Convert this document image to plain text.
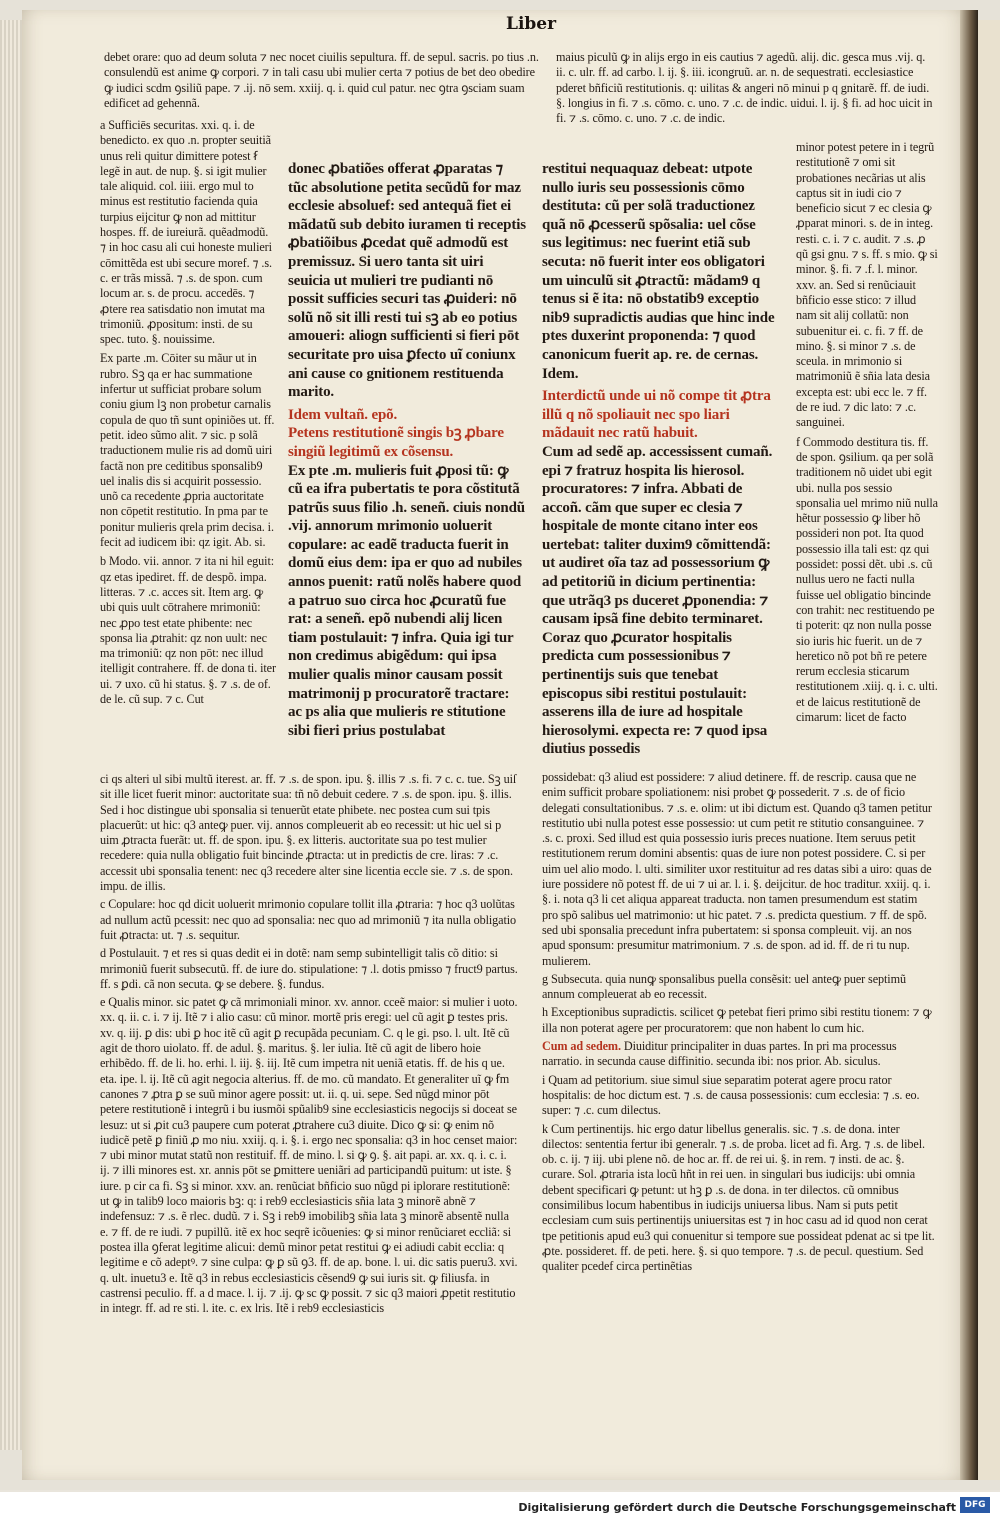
Liber

debet orare: quo ad deum soluta ⁊ nec nocet ciuilis sepultura. ff. de sepul. sacris. po tius .n. consulendũ est anime ꝙ corpori. ⁊ in tali casu ubi mulier certa ⁊ potius de bet deo obedire ꝙ iudici scdm ꝯsiliũ pape. ⁊ .ij. nō sem. xxiij. q. i. quid cul patur. nec ꝯtra ꝯsciam suam edificet ad gehennã.

maius piculũ ꝙ in alijs ergo in eis cautius ⁊ agedũ. alij. dic. gesca mus .vij. q. ii. c. ulr. ff. ad carbo. l. ij. §. iii. icongruũ. ar. n. de sequestrati. ecclesiastice pderet bñficiũ restitutionis. q: uilitas & angeri nō minui p q gnitarẽ. ff. de iudi. §. longius in fi. ⁊ .s. cōmo. c. uno. ⁊ .c. de indic. uidui. l. ij. § fi. ad hoc uicit in fi. ⁊ .s. cōmo. c. uno. ⁊ .c. de indic.

a Sufficiēs securitas. xxi. q. i. de benedicto. ex quo .n. propter seuitiã unus reli quitur dimittere potest ẜ legẽ in aut. de nup. §. si igit mulier tale aliquid. col. iiii. ergo mul to minus est restitutio facienda quia turpius eijcitur ꝙ non ad mittitur hospes. ff. de iureiurã. quẽadmodũ. ⁊ in hoc casu ali cui honeste mulieri cōmittẽda est ubi secure moref. ⁊ .s. c. er trãs missã. ⁊ .s. de spon. cum locum ar. s. de procu. accedēs. ⁊ ꝓtere rea satisdatio non imutat ma trimoniũ. ꝓpositum: insti. de su spec. tuto. §. nouissime.

Ex parte .m. Cōiter su mãur ut in rubro. Sꝫ qa er hac summatione infertur ut sufficiat probare solum coniu gium lꝫ non probetur carnalis copula de quo tñ sunt opiniões ut. ff. petit. ideo sũmo alit. ⁊ sic. p solã traductionem mulie ris ad domũ uiri factã non pre ceditibus sponsalib9 uel inalis dis si acquirit possessio. unõ ca recedente ꝓpria auctoritate non cōpetit restitutio. In pma par te ponitur mulieris qrela prim decisa. i. fecit ad iudicem ibi: qz igit. Ab. si.

b Modo. vii. annor. ⁊ ita ni hil eguit: qz etas ipediret. ff. de despõ. impa. litteras. ⁊ .c. acces sit. Item arg. ꝙ ubi quis uult cōtrahere mrimoniũ: nec ꝓpo test etate phibente: nec sponsa lia ꝓtrahit: qz non uult: nec ma trimoniũ: qz non pōt: nec illud itelligit contrahere. ff. de dona ti. iter ui. ⁊ uxo. cũ hi status. §. ⁊ .s. de of. de le. cũ sup. ⁊ c. Cut

donec ꝓbatiões offerat ꝓparatas ⁊ tũc absolutione petita secũdũ for maz ecclesie absoluef: sed antequã fiet ei mãdatũ sub debito iuramen ti receptis ꝓbatiõibus ꝓcedat quẽ admodũ est premissuz. Si uero tanta sit uiri seuicia ut mulieri tre pudianti nō possit sufficies securi tas ꝓuideri: nō solũ nõ sit illi resti tui sꝫ ab eo potius amoueri: aliogn sufficienti si fieri pōt securitate pro uisa ꝑfecto uĩ coniunx ani cause co gnitionem restituenda marito.

Idem vultañ. epõ.

Petens restitutionẽ singis bꝫ ꝓbare singiũ legitimũ ex cõsensu.

Ex pte .m. mulieris fuit ꝓposi tũ: ꝙ cũ ea ifra pubertatis te pora cõstitutã patrũs suus filio .h. seneñ. ciuis nondũ .vij. annorum mrimonio uoluerit copulare: ac eadẽ traducta fuerit in domũ eius dem: ipa er quo ad nubiles annos puenit: ratũ nolẽs habere quod a patruo suo circa hoc ꝓcuratũ fue rat: a seneñ. epõ nubendi alij licen tiam postulauit: ⁊ infra. Quia igi tur non credimus abigẽdum: qui ipsa mulier qualis minor causam possit matrimonij p procuratorẽ tractare: ac ps alia que mulieris re stitutione sibi fieri prius postulabat

restitui nequaquaz debeat: utpote nullo iuris seu possessionis cōmo destituta: cũ per solã traductionez quã nō ꝓcesserũ spõsalia: uel cõse sus legitimus: nec fuerint etiã sub secuta: nō fuerit inter eos obligatori um uinculũ sit ꝓtractũ: mãdam9 q tenus si ẽ ita: nō obstatib9 exceptio nib9 supradictis audias que hinc inde ptes duxerint proponenda: ⁊ quod canonicum fuerit ap. re. de cernas. Idem.

Interdictũ unde ui nõ compe tit ꝓtra illũ q nõ spoliauit nec spo liari mãdauit nec ratũ habuit.

Cum ad sedẽ ap. accessissent cumañ. epi ⁊ fratruz hospita lis hierosol. procuratores: ⁊ infra. Abbati de accoñ. cãm que super ec clesia ⁊ hospitale de monte citano inter eos uertebat: taliter duxim9 cõmittendã: ut audiret oĩa taz ad possessorium ꝙ ad petitoriũ in dicium pertinentia: que utrãq3 ps duceret ꝓponendia: ⁊ causam ipsã fine debito terminaret. Coraz quo ꝓcurator hospitalis predicta cum possessionibus ⁊ pertinentijs suis que tenebat episcopus sibi restitui postulauit: asserens illa de iure ad hospitale hierosolymi. expecta re: ⁊ quod ipsa diutius possedis

minor potest petere in i tegrũ restitutionẽ ⁊ omi sit probationes necãrias ut alis captus sit in iudi cio ⁊ beneficio sicut ⁊ ec clesia ꝙ ꝓparat minori. s. de in integ. resti. c. i. ⁊ c. audit. ⁊ .s. ꝓ qũ gsi gnu. ⁊ s. ff. s mio. ꝙ si minor. §. fi. ⁊ .f. l. minor. xxv. an. Sed si renũciauit bñficio esse stico: ⁊ illud nam sit alij collatũ: non subuenitur ei. c. fi. ⁊ ff. de mino. §. si minor ⁊ .s. de sceula. in mrimonio si matrimoniũ ẽ sñia lata desia excepta est: ubi ecc le. ⁊ ff. de re iud. ⁊ dic lato: ⁊ .c. sanguinei.

f Commodo destitura tis. ff. de spon. ꝯsilium. qa per solã traditionem nõ uidet ubi egit ubi. nulla pos sessio sponsalia uel mrimo niũ nulla hẽtur possessio ꝙ liber hõ possideri non pot. Ita quod possessio illa tali est: qz qui possidet: possi dẽt. ubi .s. cũ nullus uero ne facti nulla fuisse uel obligatio bincinde con trahit: nec restituendo pe ti poterit: qz non nulla posse sio iuris hic fuerit. un de ⁊ heretico nõ pot bñ re petere rerum ecclesia sticarum restitutionem .xiij. q. i. c. ulti. et de laicus restitutionẽ de cimarum: licet de facto

ci qs alteri ul sibi multũ iterest. ar. ff. ⁊ .s. de spon. ipu. §. illis ⁊ .s. fi. ⁊ c. c. tue. Sꝫ uiſ sit ille licet fuerit minor: auctoritate sua: tñ nõ debuit cedere. ⁊ .s. de spon. ipu. §. illis. Sed i hoc distingue ubi sponsalia si tenuerũt etate phibete. nec postea cum sui tpis placuerũt: ut hic: q3 anteꝙ puer. vij. annos compleuerit ab eo recessit: ut hic uel si p uim ꝓtracta fuerãt: ut. ff. de spon. ipu. §. ex litteris. auctoritate sua po test mulier recedere: quia nulla obligatio fuit bincinde ꝓtracta: ut in predictis de cre. liras: ⁊ .c. accessit ubi sponsalia tenent: nec q3 recedere alter sine licentia eccle sie. ⁊ .s. de spon. impu. de illis.

c Copulare: hoc qd dicit uoluerit mrimonio copulare tollit illa ꝓtraria: ⁊ hoc q3 uolũtas ad nullum actũ pcessit: nec quo ad sponsalia: nec quo ad mrimoniũ ⁊ ita nulla obligatio fuit ꝓtracta: ut. ⁊ .s. sequitur.

d Postulauit. ⁊ et res si quas dedit ei in dotẽ: nam semp subintelligit talis cõ ditio: si mrimoniũ fuerit subsecutũ. ff. de iure do. stipulatione: ⁊ .l. dotis pmisso ⁊ fruct9 partus. ff. s ꝑdi. cã non secuta. ꝙ se debere. §. fundus.

e Qualis minor. sic patet ꝙ cã mrimoniali minor. xv. annor. cceẽ maior: si mulier i uoto. xx. q. ii. c. i. ⁊ ij. Itẽ ⁊ i alio casu: cũ minor. mortẽ pris eregi: uel cũ agit ꝑ testes pris. xv. q. iij. ꝑ dis: ubi ꝑ hoc itẽ cũ agit ꝑ recupãda pecuniam. C. q le gi. pso. l. ult. Itẽ cũ agit de thoro uiolato. ff. de adul. §. maritus. §. ler iulia. Itẽ cũ agit de libero hoie erhibẽdo. ff. de li. ho. erhi. l. iij. §. iij. Itẽ cum impetra nit ueniã etatis. ff. de his q ue. eta. ipe. l. ij. Itẽ cũ agit negocia alterius. ff. de mo. cũ mandato. Et generaliter uĩ ꝙ ẜm canones ⁊ ꝓtra ꝑ se suũ minor agere possit: ut. ii. q. ui. sepe. Sed nũgd minor pōt petere restitutionẽ i integrũ i bu iusmõi spũalib9 sine ecclesiasticis negocijs si doceat se lesuz: ut si ꝓit cu3 paupere cum poterat ꝓtrahere cu3 diuite. Dico ꝙ si: ꝙ enim nõ iudicẽ petẽ ꝑ finiũ ꝓ mo niu. xxiij. q. i. §. i. ergo nec sponsalia: q3 in hoc censet maior: ⁊ ubi minor mutat statũ non restituif. ff. de mino. l. si ꝙ ꝯ. §. ait papi. ar. xx. q. i. c. i. ij. ⁊ illi minores est. xr. annis pōt se ꝑmittere ueniãri ad participandũ puitum: ut iste. § iure. p cir ca fi. Sꝫ si minor. xxv. an. renũciat bñficio suo nũgd pi iplorare restitutionẽ: ut ꝙ in talib9 loco maioris bꝫ: q: i reb9 ecclesiasticis sñia lata ꝫ minorẽ abnẽ ⁊ indefensuz: ⁊ .s. ẽ rlec. dudũ. ⁊ i. Sꝫ i reb9 imobilibꝫ sñia lata ꝫ minorẽ absentẽ nulla e. ⁊ ff. de re iudi. ⁊ pupillũ. itẽ ex hoc seqrẽ icõuenies: ꝙ si minor renũciaret eccliã: si postea illa ꝯferat legitime alicui: demũ minor petat restitui ꝙ ei adiudi cabit ecclia: q legitime e cõ adeptꝰ. ⁊ sine culpa: ꝙ ꝑ sũ ꝯ3. ff. de ap. bone. l. ui. dic satis pueru3. xvi. q. ult. inuetu3 e. Itẽ q3 in rebus ecclesiasticis cẽsend9 ꝙ sui iuris sit. ꝙ filiusfa. in castrensi peculio. ff. a d mace. l. ij. ⁊ .ij. ꝙ sc ꝙ possit. ⁊ sic q3 maiori ꝓpetit restitutio in integr. ff. ad re sti. l. ite. c. ex lris. Itẽ i reb9 ecclesiasticis

possidebat: q3 aliud est possidere: ⁊ aliud detinere. ff. de rescrip. causa que ne enim sufficit probare spoliationem: nisi probet ꝙ possederit. ⁊ .s. de of ficio delegati consultationibus. ⁊ .s. e. olim: ut ibi dictum est. Quando q3 tamen petitur restitutio ubi nulla potest esse possessio: ut cum petit re stitutio consanguinee. ⁊ .s. c. proxi. Sed illud est quia possessio iuris preces nuatione. Item seruus petit restitutionem rerum domini absentis: quas de iure non potest possidere. C. si per uim uel alio modo. l. ulti. similiter uxor restituitur ad res datas sibi a uiro: quas de iure possidere nõ potest ff. de ui ⁊ ui ar. l. i. §. deijcitur. de hoc traditur. xxiij. q. i. §. i. nota q3 li cet aliqua appareat traducta. non tamen presumendum est statim pro spõ salibus uel matrimonio: ut hic patet. ⁊ .s. predicta questium. ⁊ ff. de spõ. sed ubi sponsalia precedunt infra pubertatem: si sponsa compleuit. vij. an nos apud sponsum: presumitur matrimonium. ⁊ .s. de spon. ad id. ff. de ri tu nup. mulierem.

g Subsecuta. quia nunꝙ sponsalibus puella consẽsit: uel anteꝙ puer septimũ annum compleuerat ab eo recessit.

h Exceptionibus supradictis. scilicet ꝙ petebat fieri primo sibi restitu tionem: ⁊ ꝙ illa non poterat agere per procuratorem: que non habent lo cum hic.

Cum ad sedem. Diuiditur principaliter in duas partes. In pri ma processus narratio. in secunda cause diffinitio. secunda ibi: nos prior. Ab. siculus.

i Quam ad petitorium. siue simul siue separatim poterat agere procu rator hospitalis: de hoc dictum est. ⁊ .s. de causa possessionis: cum ecclesia: ⁊ .s. eo. super: ⁊ .c. cum dilectus.

k Cum pertinentijs. hic ergo datur libellus generalis. sic. ⁊ .s. de dona. inter dilectos: sententia fertur ibi generalr. ⁊ .s. de proba. licet ad fi. Arg. ⁊ .s. de libel. ob. c. ij. ⁊ iij. ubi plene nõ. de hoc ar. ff. de rei ui. §. in rem. ⁊ insti. de ac. §. curare. Sol. ꝓtraria ista locũ hñt in rei uen. in singulari bus iudicijs: ubi omnia debent specificari ꝙ petunt: ut hꝫ ꝑ .s. de dona. in ter dilectos. cũ omnibus consimilibus locum habentibus in iudicijs uniuersa libus. Nam si puts petit ecclesiam cum suis pertinentijs uniuersitas est ⁊ in hoc casu ad id quod non cerat tpe petitionis apud eu3 qui conuenitur si tempore sue possideat pdenat ac si tpe lit. ꝓte. possideret. ff. de peti. here. §. si quo tempore. ⁊ .s. de pecul. questium. Sed qualiter pcedef circa pertinẽtias

Digitalisierung gefördert durch die Deutsche Forschungsgemeinschaft DFG
